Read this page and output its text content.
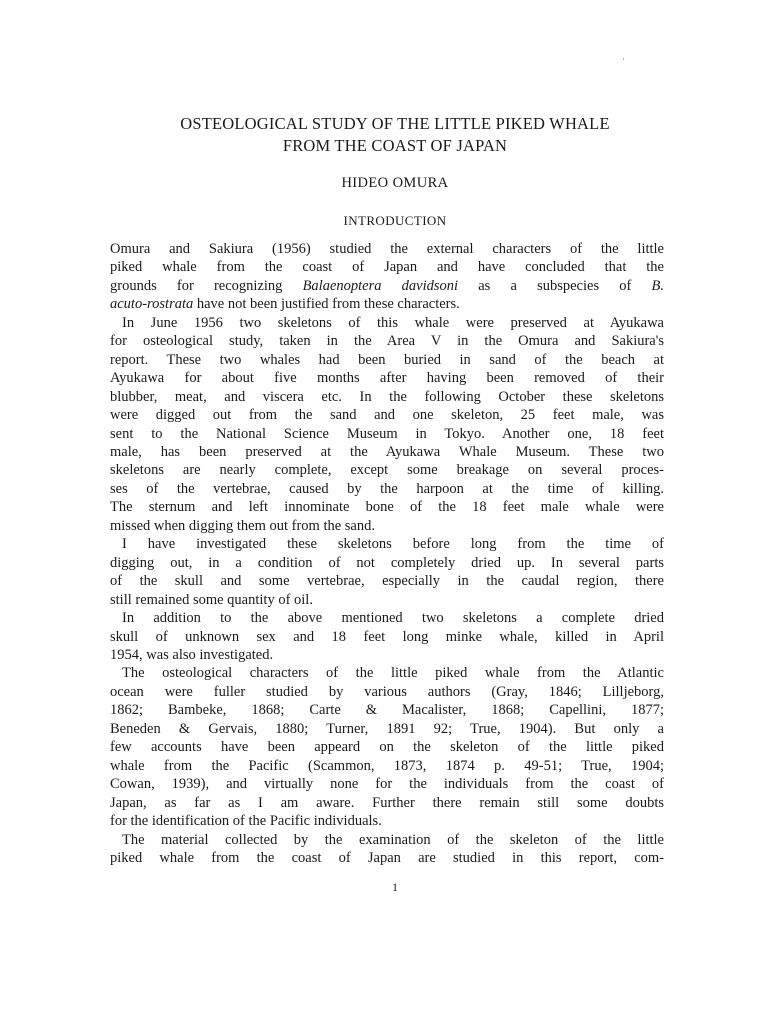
·
OSTEOLOGICAL STUDY OF THE LITTLE PIKED WHALE
FROM THE COAST OF JAPAN
HIDEO OMURA
INTRODUCTION

Omura and Sakiura (1956) studied the external characters of the little

piked whale from the coast of Japan and have concluded that the

grounds for recognizing Balaenoptera davidsoni as a subspecies of B.

acuto-rostrata have not been justified from these characters.

In June 1956 two skeletons of this whale were preserved at Ayukawa

for osteological study, taken in the Area V in the Omura and Sakiura's

report. These two whales had been buried in sand of the beach at

Ayukawa for about five months after having been removed of their

blubber, meat, and viscera etc. In the following October these skeletons

were digged out from the sand and one skeleton, 25 feet male, was

sent to the National Science Museum in Tokyo. Another one, 18 feet

male, has been preserved at the Ayukawa Whale Museum. These two

skeletons are nearly complete, except some breakage on several proces-

ses of the vertebrae, caused by the harpoon at the time of killing.

The sternum and left innominate bone of the 18 feet male whale were

missed when digging them out from the sand.

I have investigated these skeletons before long from the time of

digging out, in a condition of not completely dried up. In several parts

of the skull and some vertebrae, especially in the caudal region, there

still remained some quantity of oil.

In addition to the above mentioned two skeletons a complete dried

skull of unknown sex and 18 feet long minke whale, killed in April

1954, was also investigated.

The osteological characters of the little piked whale from the Atlantic

ocean were fuller studied by various authors (Gray, 1846; Lilljeborg,

1862; Bambeke, 1868; Carte & Macalister, 1868; Capellini, 1877;

Beneden & Gervais, 1880; Turner, 1891 92; True, 1904). But only a

few accounts have been appeard on the skeleton of the little piked

whale from the Pacific (Scammon, 1873, 1874 p. 49-51; True, 1904;

Cowan, 1939), and virtually none for the individuals from the coast of

Japan, as far as I am aware. Further there remain still some doubts

for the identification of the Pacific individuals.

The material collected by the examination of the skeleton of the little

piked whale from the coast of Japan are studied in this report, com-

1
